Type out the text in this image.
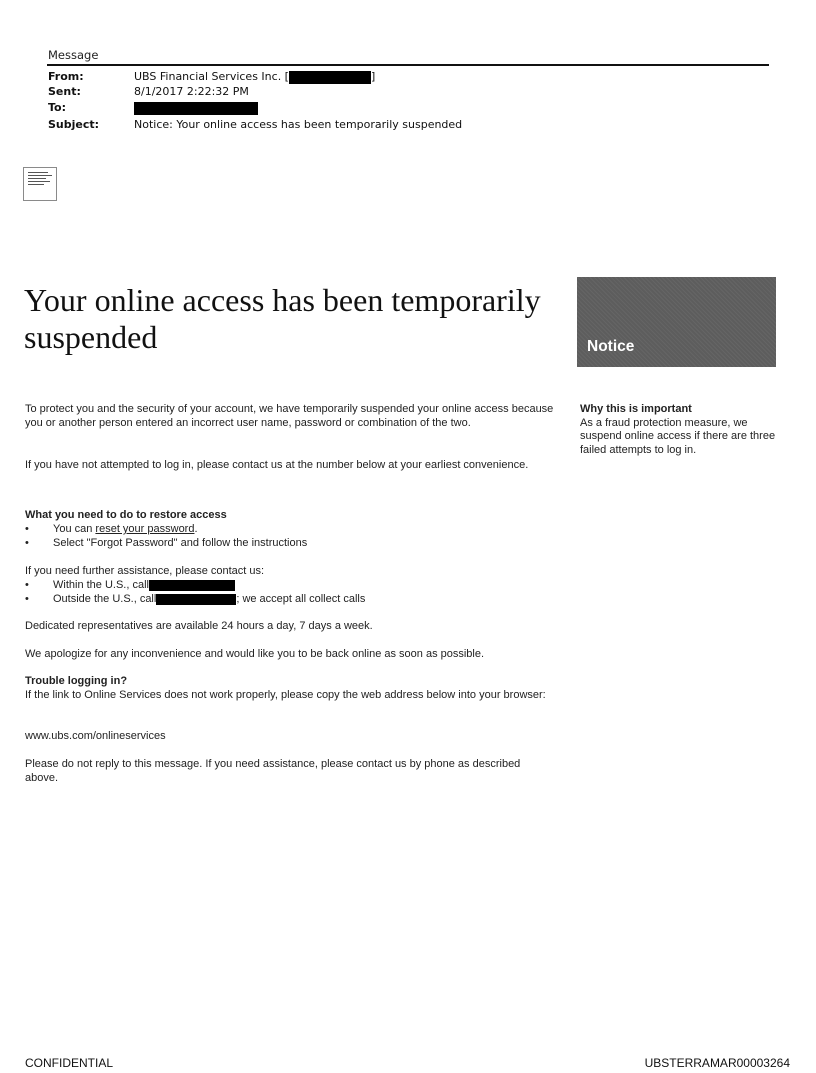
Message
From:	UBS Financial Services Inc. [	]
Sent:	8/1/2017 2:22:32 PM
To:
Subject:	Notice: Your online access has been temporarily suspended
Your online access has been temporarily suspended	Notice
Why this is important
As a fraud protection measure, we suspend online access if there are three failed attempts to log in.
To protect you and the security of your account, we have temporarily suspended your online access because you or another person entered an incorrect user name, password or combination of the two.
If you have not attempted to log in, please contact us at the number below at your earliest convenience.
What you need to do to restore access
• You can reset your password.
• Select "Forgot Password" and follow the instructions
If you need further assistance, please contact us:
• Within the U.S., call
• Outside the U.S., call	; we accept all collect calls
Dedicated representatives are available 24 hours a day, 7 days a week.
We apologize for any inconvenience and would like you to be back online as soon as possible.
Trouble logging in?
If the link to Online Services does not work properly, please copy the web address below into your browser:
www.ubs.com/onlineservices
Please do not reply to this message. If you need assistance, please contact us by phone as described above.
CONFIDENTIAL	UBSTERRAMAR00003264
